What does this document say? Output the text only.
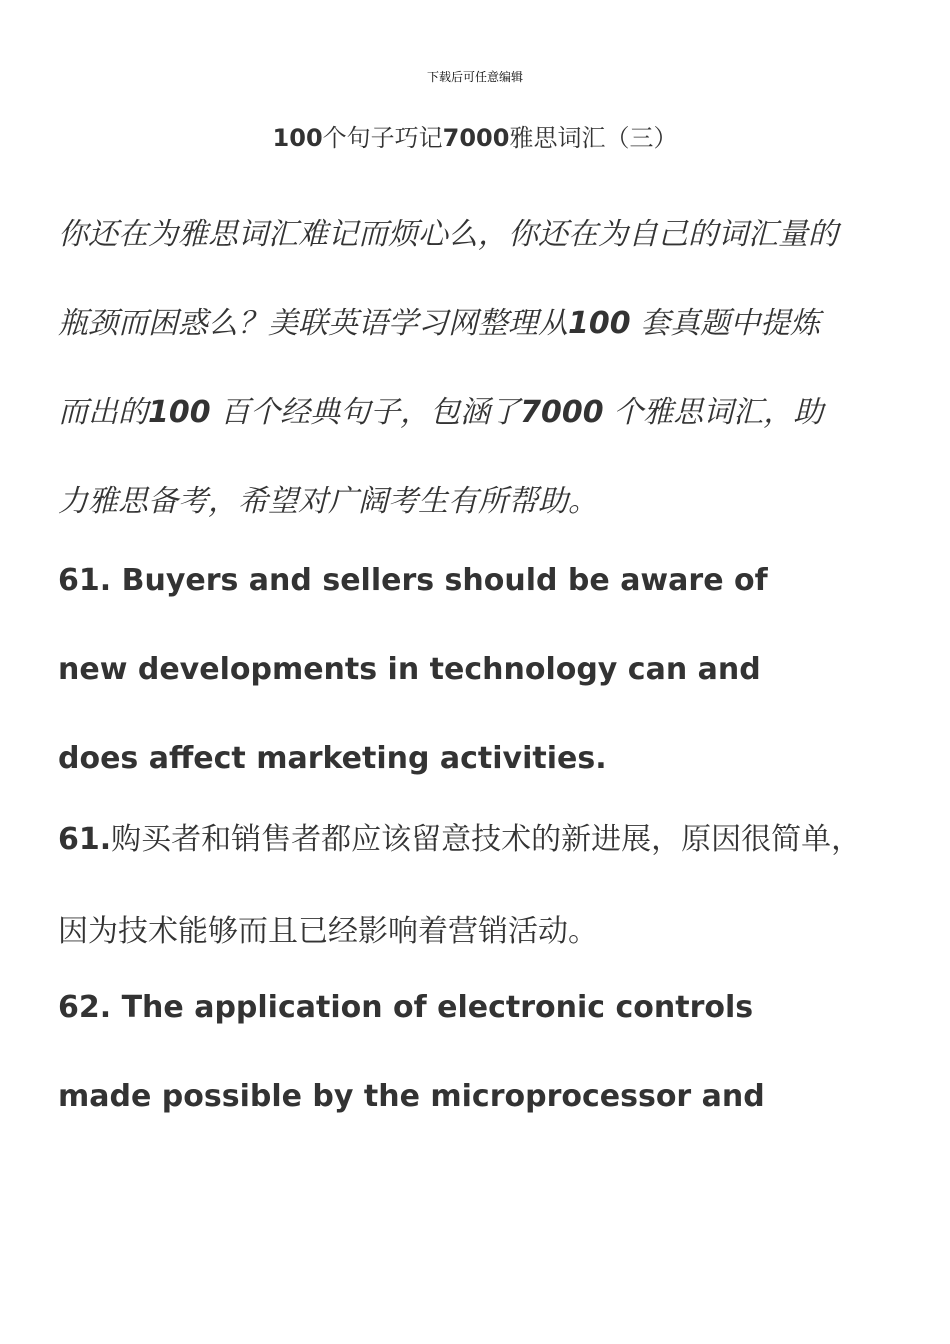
下载后可任意编辑
100个句子巧记7000雅思词汇（三）
你还在为雅思词汇难记而烦心么，你还在为自己的词汇量的
瓶颈而困惑么？美联英语学习网整理从100 套真题中提炼
而出的100 百个经典句子，包涵了7000 个雅思词汇，助
力雅思备考，希望对广阔考生有所帮助。
61. Buyers and sellers should be aware of
new developments in technology can and
does affect marketing activities.
61.购买者和销售者都应该留意技术的新进展，原因很简单，
因为技术能够而且已经影响着营销活动。
62. The application of electronic controls
made possible by the microprocessor and
